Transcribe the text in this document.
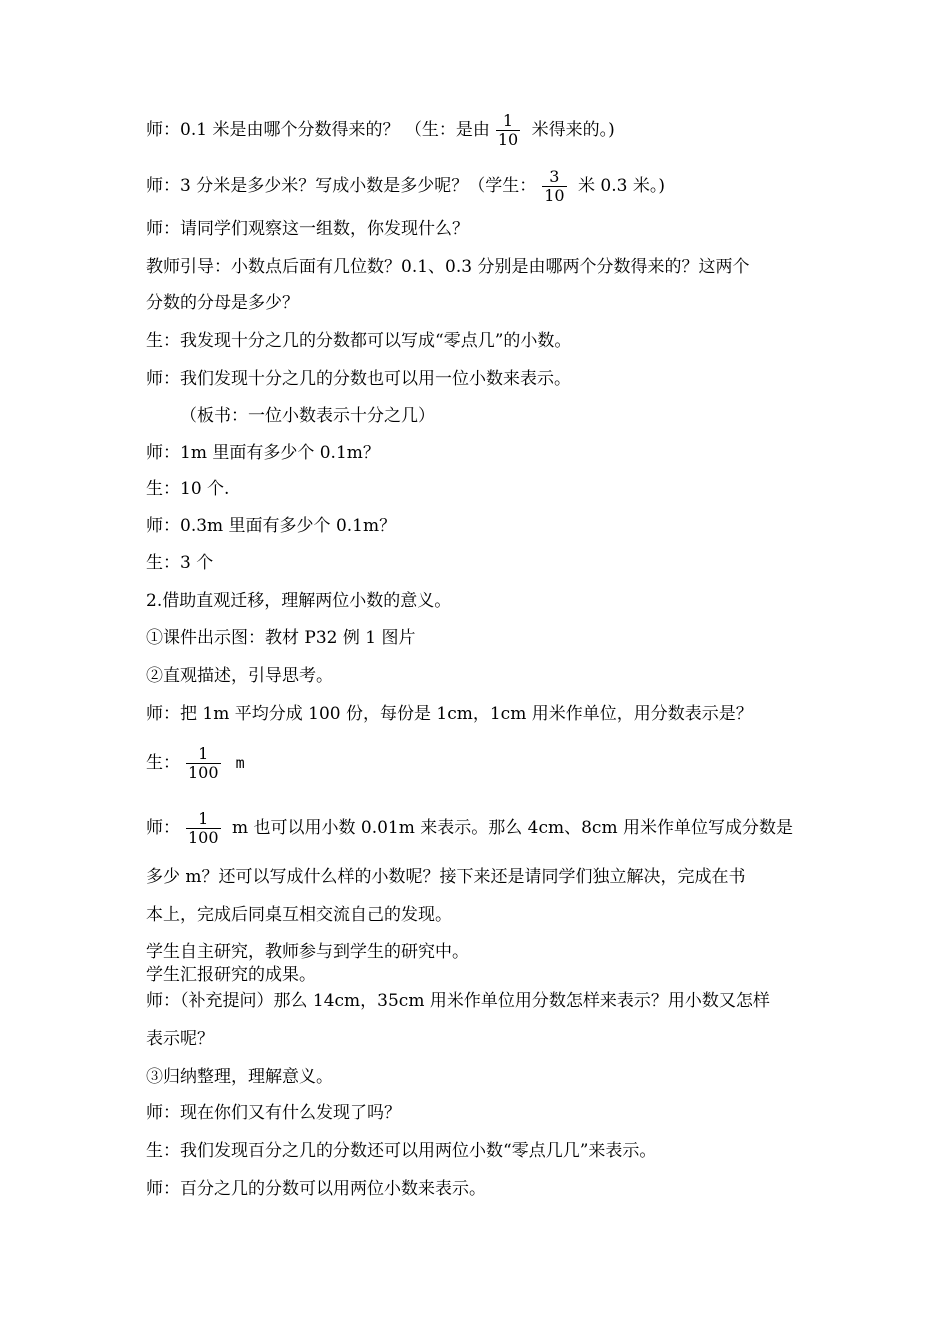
师：0.1 米是由哪个分数得来的？ （生：是由 $\frac{1}{10}$ 米得来的。)
师：3 分米是多少米？写成小数是多少呢？（学生： $\frac{3}{10}$ 米 0.3 米。)
师：请同学们观察这一组数，你发现什么？
教师引导：小数点后面有几位数？0.1、0.3 分别是由哪两个分数得来的？这两个
分数的分母是多少？
生：我发现十分之几的分数都可以写成“零点几”的小数。
师：我们发现十分之几的分数也可以用一位小数来表示。
（板书：一位小数表示十分之几）
师：1m 里面有多少个 0.1m？
生：10 个.
师：0.3m 里面有多少个 0.1m？
生：3 个
2.借助直观迁移，理解两位小数的意义。
①课件出示图：教材 P32 例 1 图片
②直观描述，引导思考。
师：把 1m 平均分成 100 份，每份是 1cm，1cm 用米作单位，用分数表示是？
生： $\frac{1}{100}$ m
师： $\frac{1}{100}$ m 也可以用小数 0.01m 来表示。那么 4cm、8cm 用米作单位写成分数是
多少 m？还可以写成什么样的小数呢？接下来还是请同学们独立解决，完成在书
本上，完成后同桌互相交流自己的发现。
学生自主研究，教师参与到学生的研究中。
学生汇报研究的成果。
师：（补充提问）那么 14cm，35cm 用米作单位用分数怎样来表示？用小数又怎样
表示呢？
③归纳整理，理解意义。
师：现在你们又有什么发现了吗？
生：我们发现百分之几的分数还可以用两位小数“零点几几”来表示。
师：百分之几的分数可以用两位小数来表示。
